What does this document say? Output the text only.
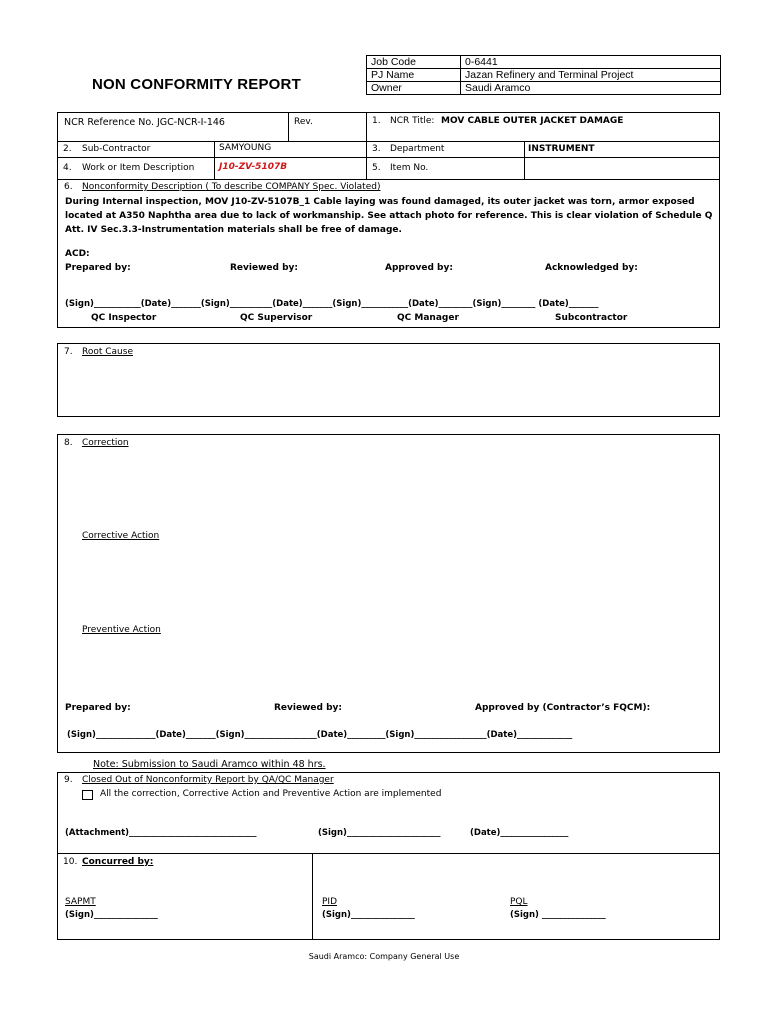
Job Code	0-6441
PJ Name	Jazan Refinery and Terminal Project
Owner	Saudi Aramco
NON CONFORMITY REPORT
NCR Reference No. JGC-NCR-I-146	Rev.	1. NCR Title: MOV CABLE OUTER JACKET DAMAGE
2. Sub-Contractor	SAMYOUNG	3. Department	INSTRUMENT
4. Work or Item Description	J10-ZV-5107B	5. Item No.
6. Nonconformity Description ( To describe COMPANY Spec. Violated)
During Internal inspection, MOV J10-ZV-5107B_1 Cable laying was found damaged, its outer jacket was torn, armor exposed located at A350 Naphtha area due to lack of workmanship. See attach photo for reference. This is clear violation of Schedule Q Att. IV Sec.3.3-Instrumentation materials shall be free of damage.
ACD:
Prepared by:	Reviewed by:	Approved by:	Acknowledged by:
(Sign)___________(Date)_______(Sign)__________(Date)_______(Sign)___________(Date)________(Sign)________ (Date)_______
QC Inspector	QC Supervisor	QC Manager	Subcontractor
7. Root Cause
8. Correction
Corrective Action
Preventive Action
Prepared by:	Reviewed by:	Approved by (Contractor’s FQCM):
(Sign)______________(Date)_______(Sign)_________________(Date)_________(Sign)_________________(Date)_____________
Note: Submission to Saudi Aramco within 48 hrs.
9. Closed Out of Nonconformity Report by QA/QC Manager
All the correction, Corrective Action and Preventive Action are implemented
(Attachment)______________________________	(Sign)______________________	(Date)________________
10. Concurred by:
SAPMT
(Sign)_______________
PID
(Sign)_______________
PQL
(Sign) _______________
Saudi Aramco: Company General Use
